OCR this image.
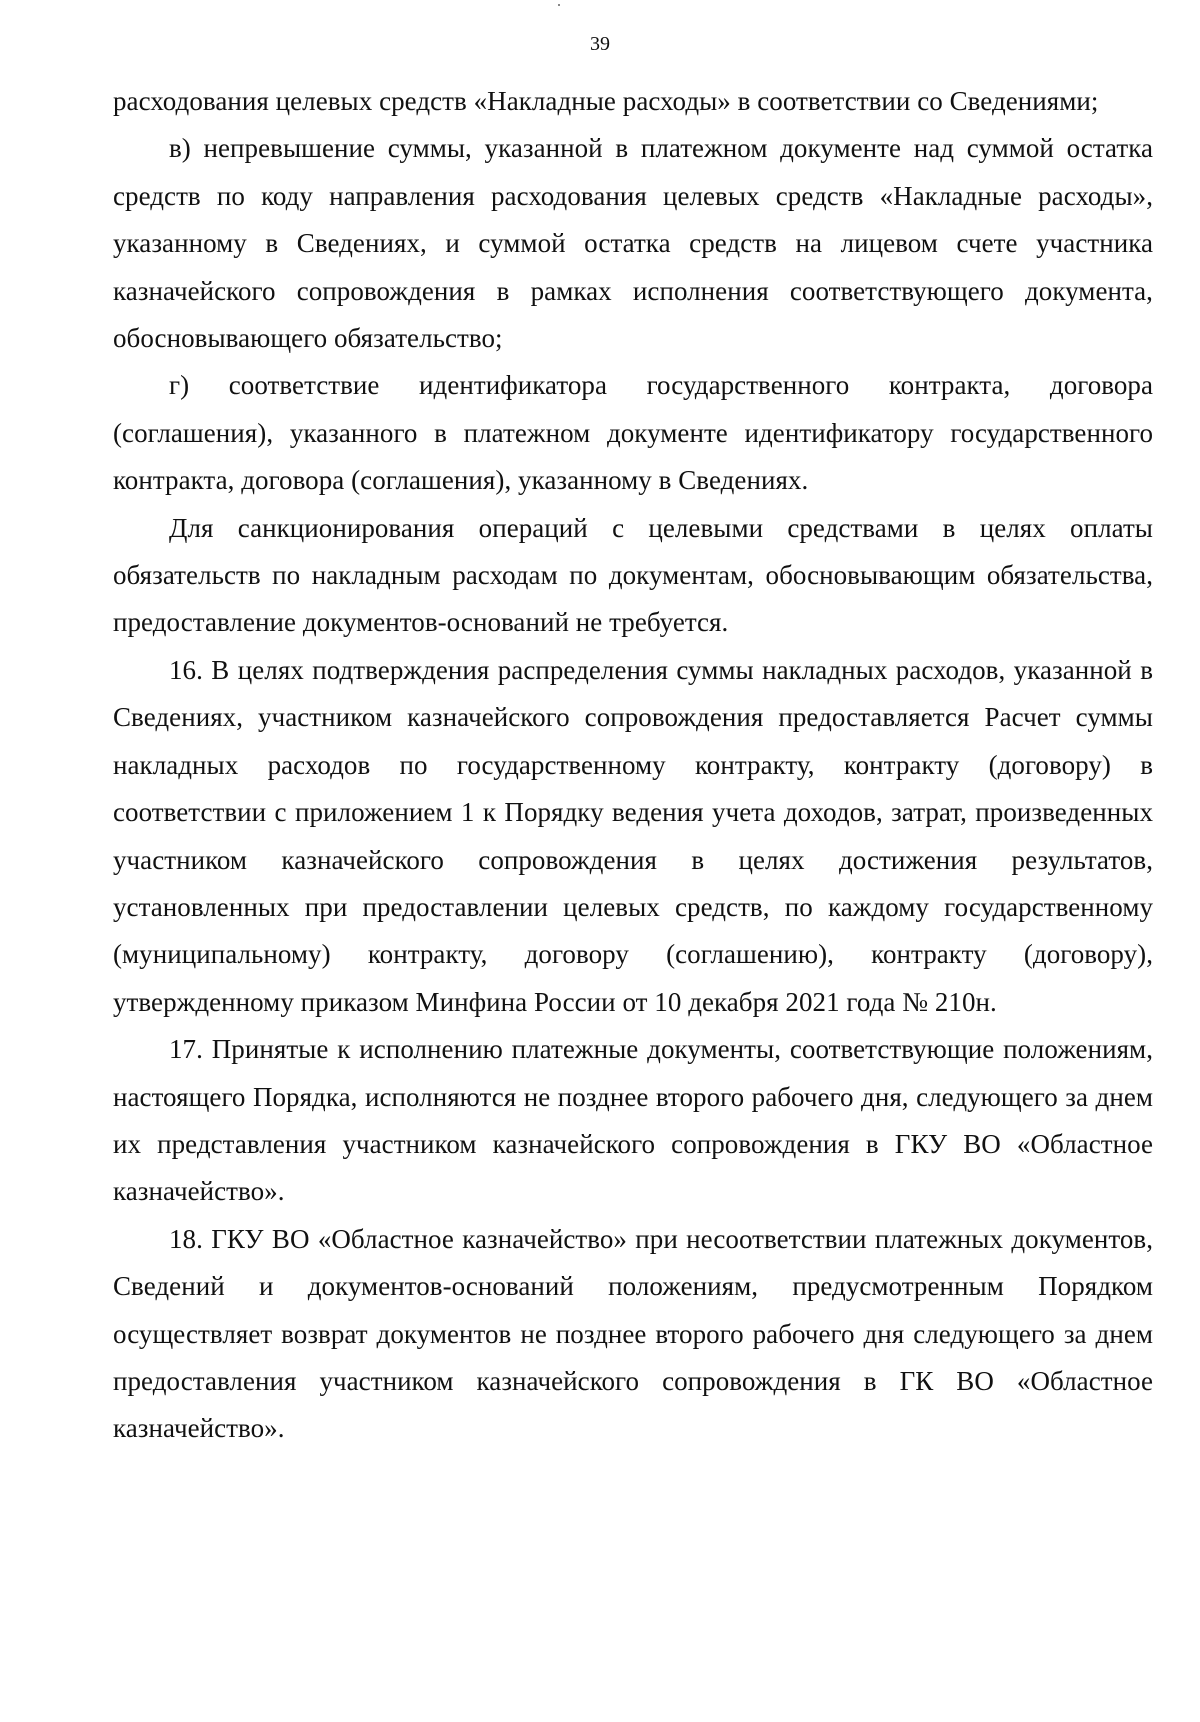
39

расходования целевых средств «Накладные расходы» в соответствии со Сведениями;

в) непревышение суммы, указанной в платежном документе над суммой остатка средств по коду направления расходования целевых средств «Накладные расходы», указанному в Сведениях, и суммой остатка средств на лицевом счете участника казначейского сопровождения в рамках исполнения соответствующего документа, обосновывающего обязательство;

г) соответствие идентификатора государственного контракта, договора (соглашения), указанного в платежном документе идентификатору государственного контракта, договора (соглашения), указанному в Сведениях.

Для санкционирования операций с целевыми средствами в целях оплаты обязательств по накладным расходам по документам, обосновывающим обязательства, предоставление документов-оснований не требуется.

16. В целях подтверждения распределения суммы накладных расходов, указанной в Сведениях, участником казначейского сопровождения предоставляется Расчет суммы накладных расходов по государственному контракту, контракту (договору) в соответствии с приложением 1 к Порядку ведения учета доходов, затрат, произведенных участником казначейского сопровождения в целях достижения результатов, установленных при предоставлении целевых средств, по каждому государственному (муниципальному) контракту, договору (соглашению), контракту (договору), утвержденному приказом Минфина России от 10 декабря 2021 года № 210н.

17. Принятые к исполнению платежные документы, соответствующие положениям, настоящего Порядка, исполняются не позднее второго рабочего дня, следующего за днем их представления участником казначейского сопровождения в ГКУ ВО «Областное казначейство».

18. ГКУ ВО «Областное казначейство» при несоответствии платежных документов, Сведений и документов-оснований положениям, предусмотренным Порядком осуществляет возврат документов не позднее второго рабочего дня следующего за днем предоставления участником казначейского сопровождения в ГК ВО «Областное казначейство».
